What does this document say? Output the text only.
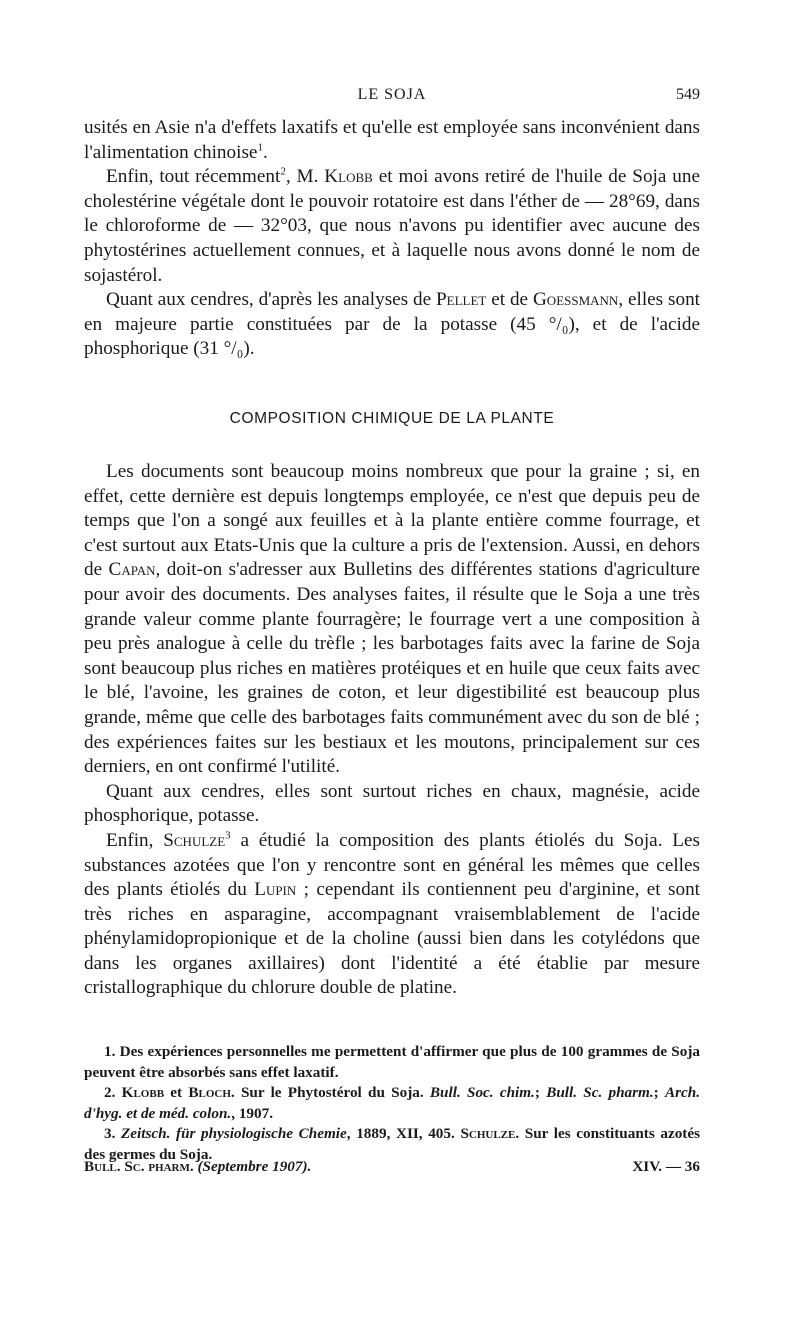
LE SOJA	549

usités en Asie n'a d'effets laxatifs et qu'elle est employée sans inconvénient dans l'alimentation chinoise$^1$.

Enfin, tout récemment$^2$, M. Klobb et moi avons retiré de l'huile de Soja une cholestérine végétale dont le pouvoir rotatoire est dans l'éther de — 28°69, dans le chloroforme de — 32°03, que nous n'avons pu identifier avec aucune des phytostérines actuellement connues, et à laquelle nous avons donné le nom de sojastérol.

Quant aux cendres, d'après les analyses de Pellet et de Goessmann, elles sont en majeure partie constituées par de la potasse (45 °/₀), et de l'acide phosphorique (31 °/₀).

COMPOSITION CHIMIQUE DE LA PLANTE

Les documents sont beaucoup moins nombreux que pour la graine ; si, en effet, cette dernière est depuis longtemps employée, ce n'est que depuis peu de temps que l'on a songé aux feuilles et à la plante entière comme fourrage, et c'est surtout aux Etats-Unis que la culture a pris de l'extension. Aussi, en dehors de Capan, doit-on s'adresser aux Bulletins des différentes stations d'agriculture pour avoir des documents. Des analyses faites, il résulte que le Soja a une très grande valeur comme plante fourragère; le fourrage vert a une composition à peu près analogue à celle du trèfle ; les barbotages faits avec la farine de Soja sont beaucoup plus riches en matières protéiques et en huile que ceux faits avec le blé, l'avoine, les graines de coton, et leur digestibilité est beaucoup plus grande, même que celle des barbotages faits communément avec du son de blé ; des expériences faites sur les bestiaux et les moutons, principalement sur ces derniers, en ont confirmé l'utilité.

Quant aux cendres, elles sont surtout riches en chaux, magnésie, acide phosphorique, potasse.

Enfin, Schulze$^3$ a étudié la composition des plants étiolés du Soja. Les substances azotées que l'on y rencontre sont en général les mêmes que celles des plants étiolés du Lupin ; cependant ils contiennent peu d'arginine, et sont très riches en asparagine, accompagnant vraisemblablement de l'acide phénylamidopropionique et de la choline (aussi bien dans les cotylédons que dans les organes axillaires) dont l'identité a été établie par mesure cristallographique du chlorure double de platine.

1. Des expériences personnelles me permettent d'affirmer que plus de 100 grammes de Soja peuvent être absorbés sans effet laxatif.

2. Klobb et Bloch. Sur le Phytostérol du Soja. Bull. Soc. chim.; Bull. Sc. pharm.; Arch. d'hyg. et de méd. colon., 1907.

3. Zeitsch. für physiologische Chemie, 1889, XII, 405. Schulze. Sur les constituants azotés des germes du Soja.

Bull. Sc. pharm. (Septembre 1907).	XIV. — 36
